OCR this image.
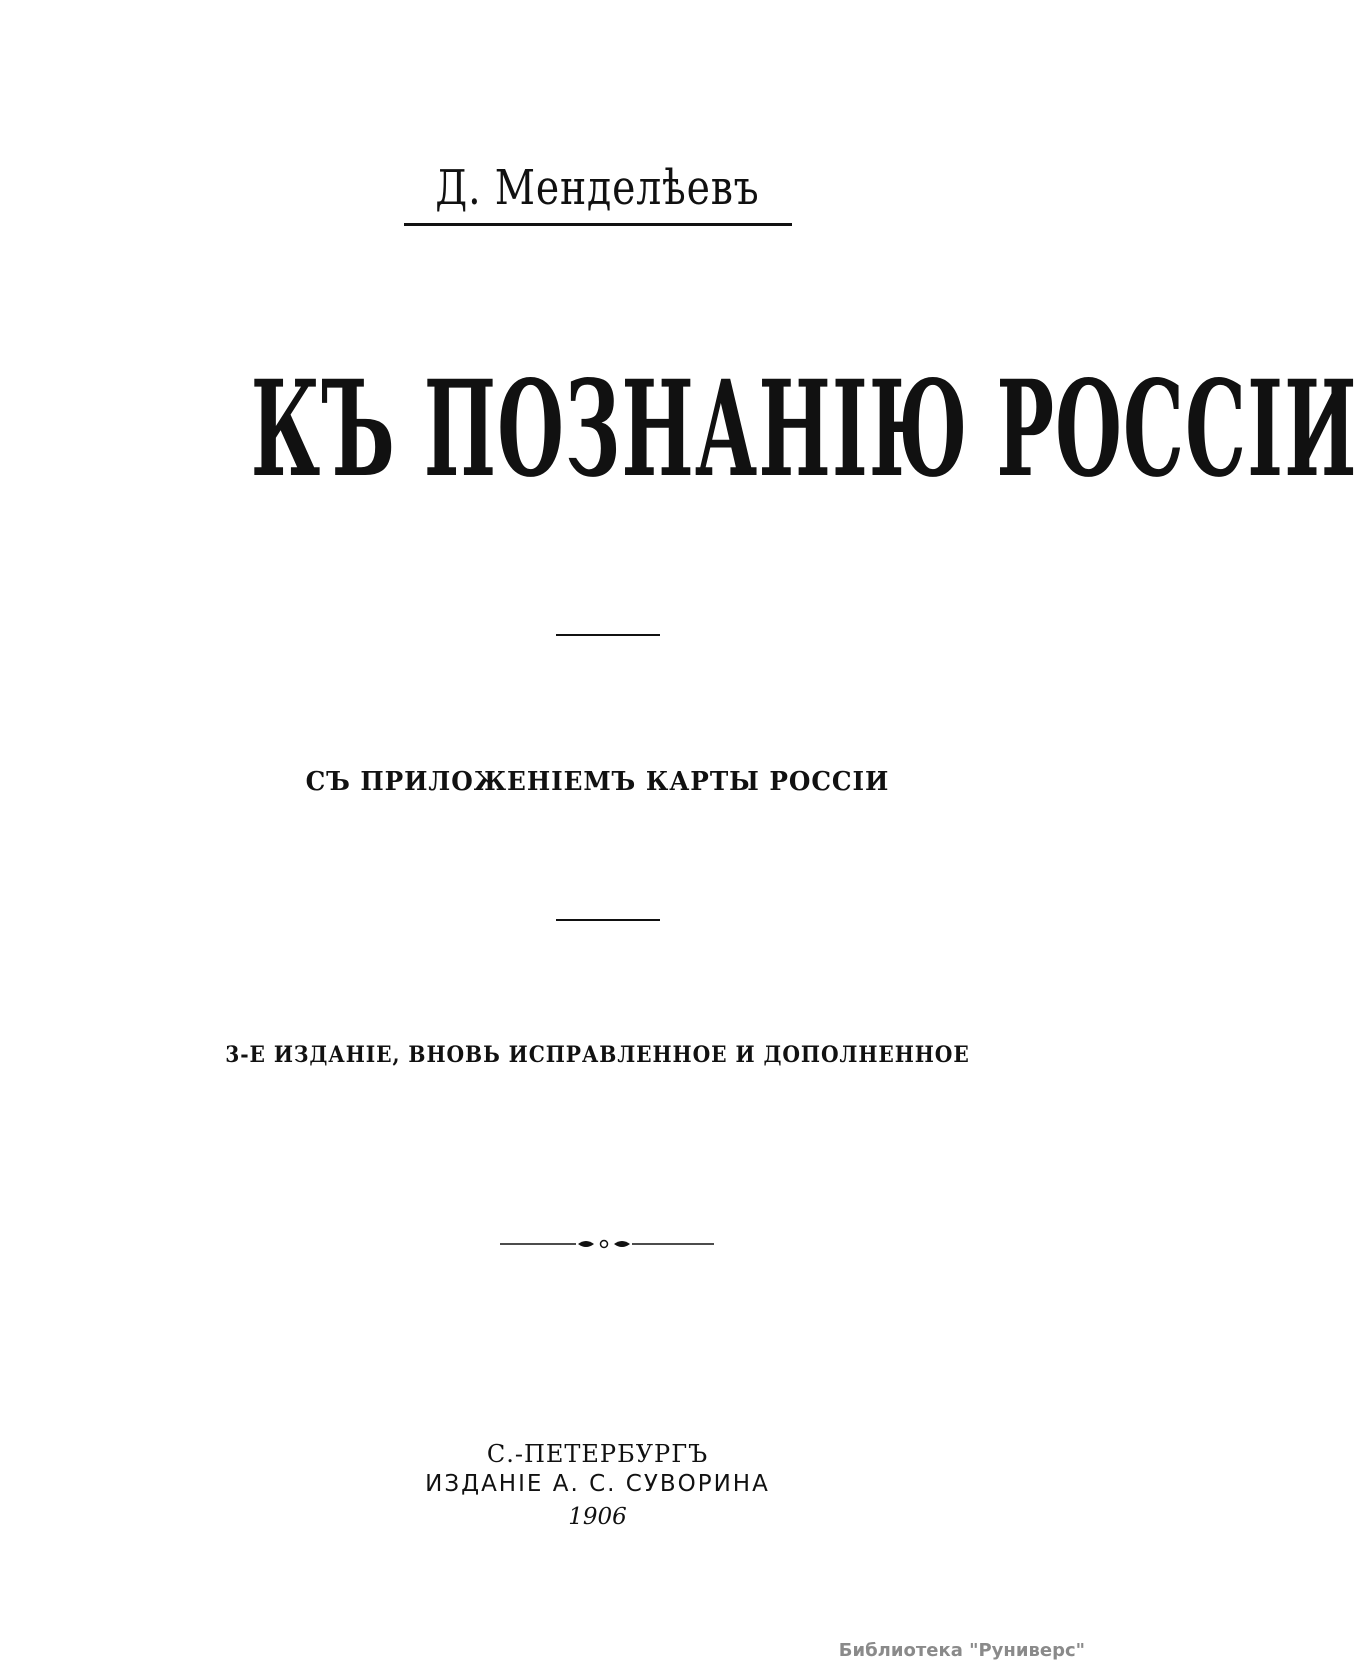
Д. Менделѣевъ
КЪ ПОЗНАНІЮ РОССІИ
СЪ ПРИЛОЖЕНІЕМЪ КАРТЫ РОССІИ
3-Е ИЗДАНІЕ, ВНОВЬ ИСПРАВЛЕННОЕ И ДОПОЛНЕННОЕ
С.-ПЕТЕРБУРГЪ
ИЗДАНІЕ А. С. СУВОРИНА
1906
Библиотека "Руниверс"
